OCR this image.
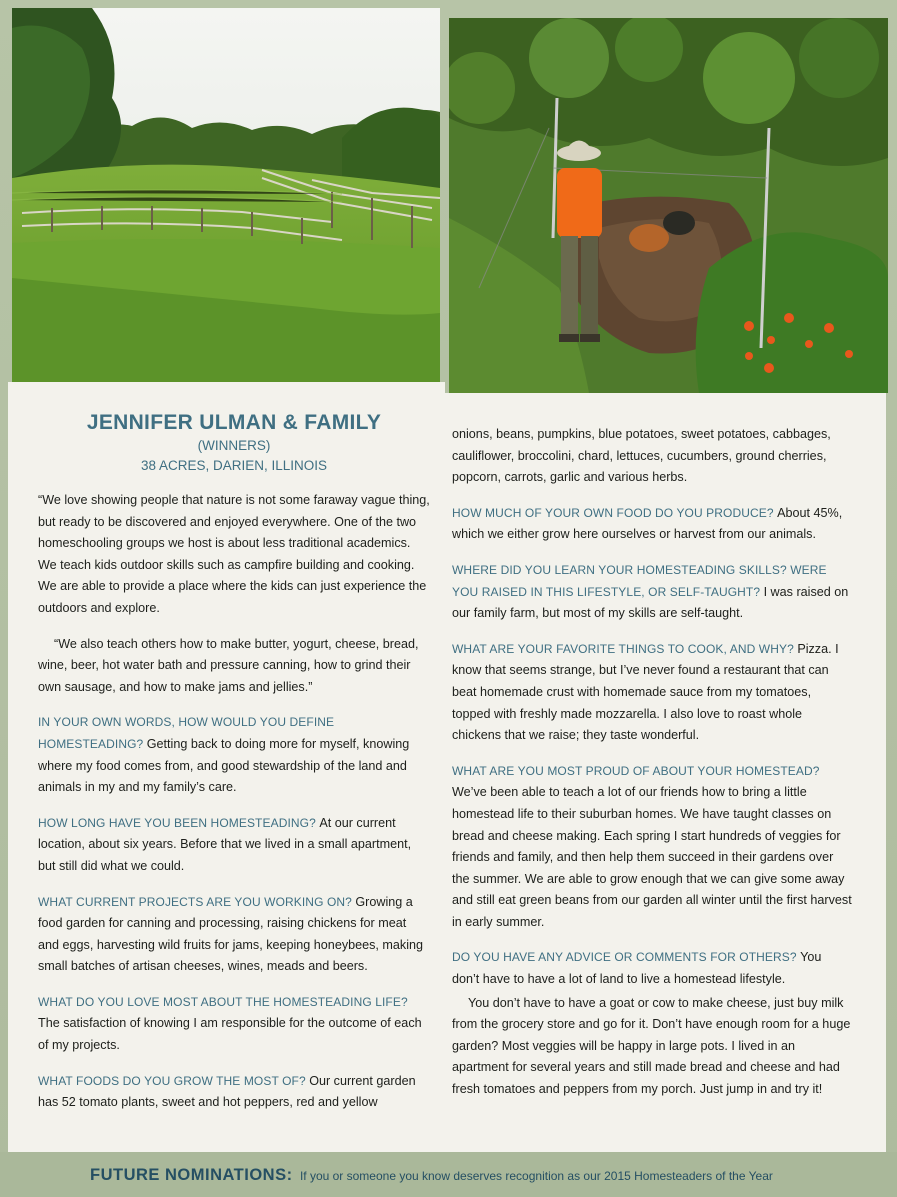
JENNIFER ULMAN & FAMILY
(WINNERS)
38 ACRES, DARIEN, ILLINOIS

“We love showing people that nature is not some faraway vague thing, but ready to be discovered and enjoyed everywhere. One of the two homeschooling groups we host is about less traditional academics. We teach kids outdoor skills such as campfire building and cooking. We are able to provide a place where the kids can just experience the outdoors and explore.

“We also teach others how to make butter, yogurt, cheese, bread, wine, beer, hot water bath and pressure canning, how to grind their own sausage, and how to make jams and jellies.”

IN YOUR OWN WORDS, HOW WOULD YOU DEFINE HOMESTEADING? Getting back to doing more for myself, knowing where my food comes from, and good stewardship of the land and animals in my and my family’s care.

HOW LONG HAVE YOU BEEN HOMESTEADING? At our current location, about six years. Before that we lived in a small apartment, but still did what we could.

WHAT CURRENT PROJECTS ARE YOU WORKING ON? Growing a food garden for canning and processing, raising chickens for meat and eggs, harvesting wild fruits for jams, keeping honeybees, making small batches of artisan cheeses, wines, meads and beers.

WHAT DO YOU LOVE MOST ABOUT THE HOMESTEADING LIFE? The satisfaction of knowing I am responsible for the outcome of each of my projects.

WHAT FOODS DO YOU GROW THE MOST OF? Our current garden has 52 tomato plants, sweet and hot peppers, red and yellow

onions, beans, pumpkins, blue potatoes, sweet potatoes, cabbages, cauliflower, broccolini, chard, lettuces, cucumbers, ground cherries, popcorn, carrots, garlic and various herbs.

HOW MUCH OF YOUR OWN FOOD DO YOU PRODUCE? About 45%, which we either grow here ourselves or harvest from our animals.

WHERE DID YOU LEARN YOUR HOMESTEADING SKILLS? WERE YOU RAISED IN THIS LIFESTYLE, OR SELF-TAUGHT? I was raised on our family farm, but most of my skills are self-taught.

WHAT ARE YOUR FAVORITE THINGS TO COOK, AND WHY? Pizza. I know that seems strange, but I’ve never found a restaurant that can beat homemade crust with homemade sauce from my tomatoes, topped with freshly made mozzarella. I also love to roast whole chickens that we raise; they taste wonderful.

WHAT ARE YOU MOST PROUD OF ABOUT YOUR HOMESTEAD? We’ve been able to teach a lot of our friends how to bring a little homestead life to their suburban homes. We have taught classes on bread and cheese making. Each spring I start hundreds of veggies for friends and family, and then help them succeed in their gardens over the summer. We are able to grow enough that we can give some away and still eat green beans from our garden all winter until the first harvest in early summer.

DO YOU HAVE ANY ADVICE OR COMMENTS FOR OTHERS? You don’t have to have a lot of land to live a homestead lifestyle.

You don’t have to have a goat or cow to make cheese, just buy milk from the grocery store and go for it. Don’t have enough room for a huge garden? Most veggies will be happy in large pots. I lived in an apartment for several years and still made bread and cheese and had fresh tomatoes and peppers from my porch. Just jump in and try it!

FUTURE NOMINATIONS: If you or someone you know deserves recognition as our 2015 Homesteaders of the Year
